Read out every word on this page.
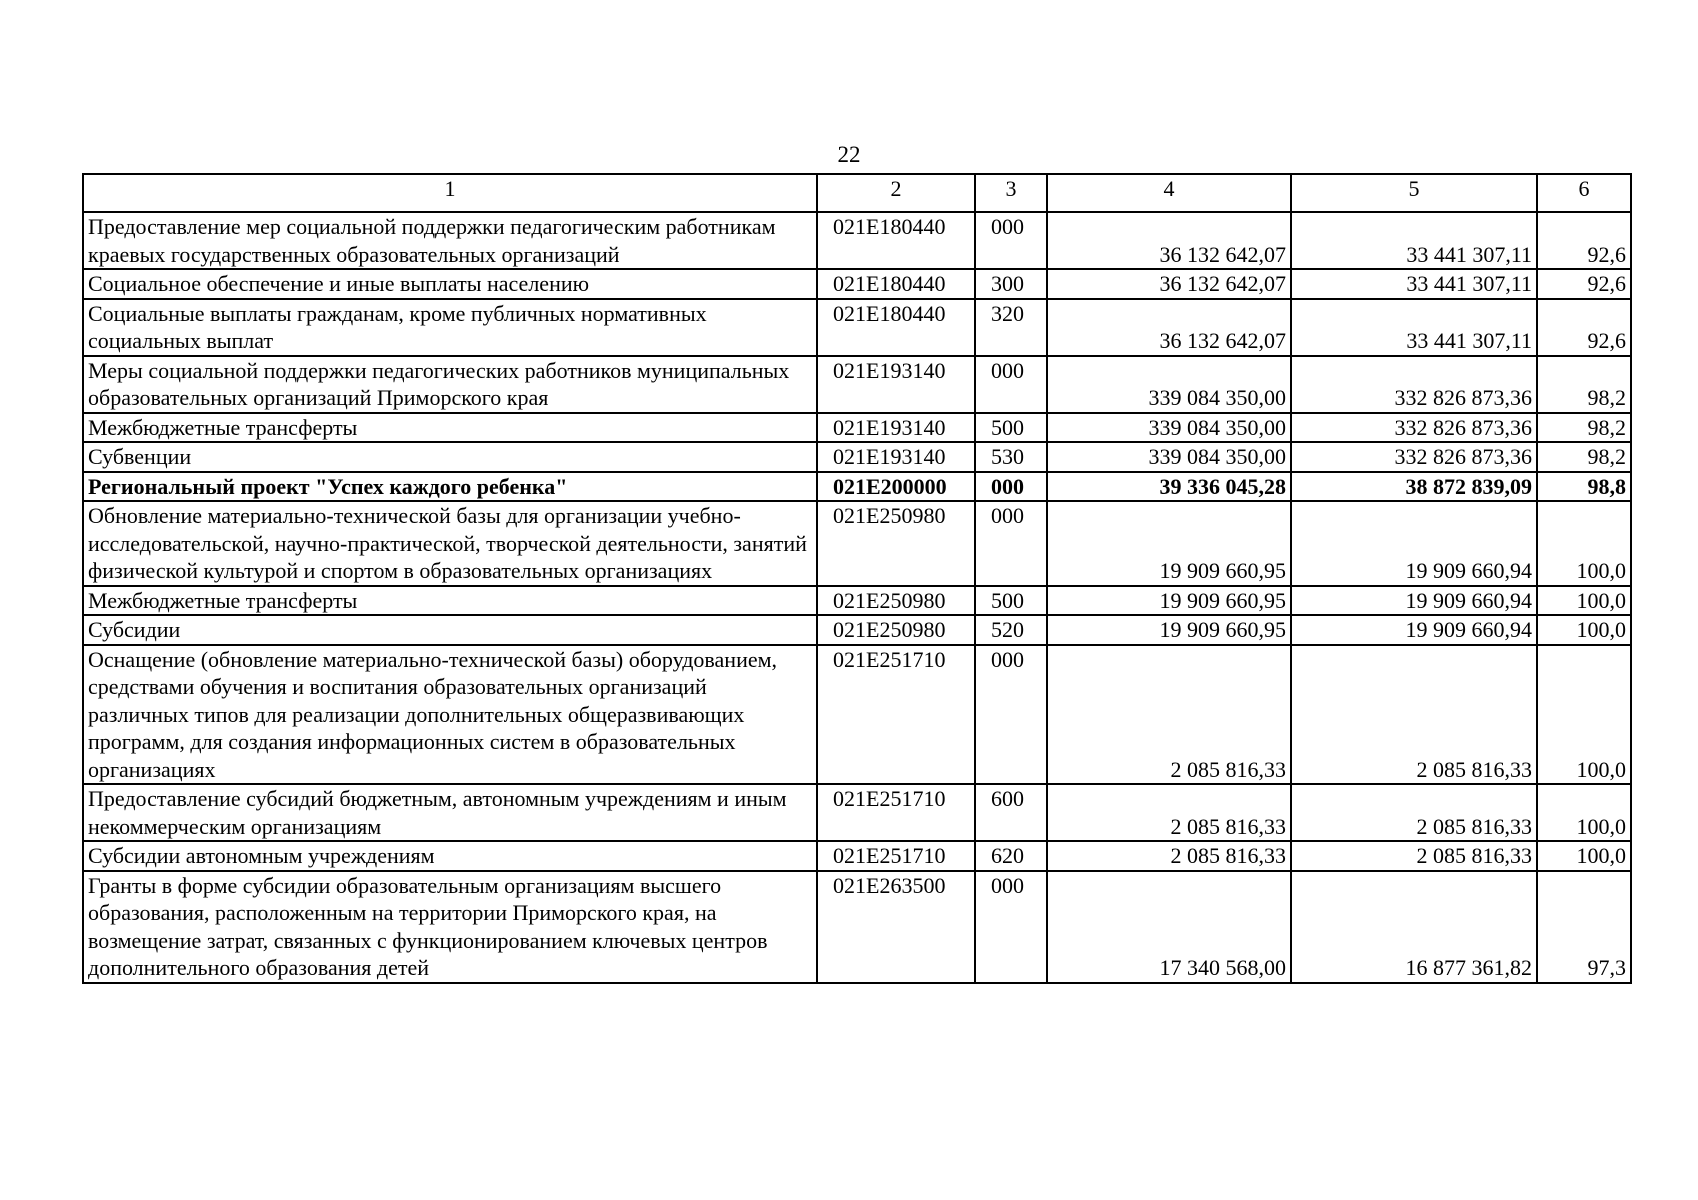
22
1	2	3	4	5	6
Предоставление мер социальной поддержки педагогическим работникам краевых государственных образовательных организаций	021E180440	000	36 132 642,07	33 441 307,11	92,6
Социальное обеспечение и иные выплаты населению	021E180440	300	36 132 642,07	33 441 307,11	92,6
Социальные выплаты гражданам, кроме публичных нормативных социальных выплат	021E180440	320	36 132 642,07	33 441 307,11	92,6
Меры социальной поддержки педагогических работников муниципальных образовательных организаций Приморского края	021E193140	000	339 084 350,00	332 826 873,36	98,2
Межбюджетные трансферты	021E193140	500	339 084 350,00	332 826 873,36	98,2
Субвенции	021E193140	530	339 084 350,00	332 826 873,36	98,2
Региональный проект "Успех каждого ребенка"	021E200000	000	39 336 045,28	38 872 839,09	98,8
Обновление материально-технической базы для организации учебно-исследовательской, научно-практической, творческой деятельности, занятий физической культурой и спортом в образовательных организациях	021E250980	000	19 909 660,95	19 909 660,94	100,0
Межбюджетные трансферты	021E250980	500	19 909 660,95	19 909 660,94	100,0
Субсидии	021E250980	520	19 909 660,95	19 909 660,94	100,0
Оснащение (обновление материально-технической базы) оборудованием, средствами обучения и воспитания образовательных организаций различных типов для реализации дополнительных общеразвивающих программ, для создания информационных систем в образовательных организациях	021E251710	000	2 085 816,33	2 085 816,33	100,0
Предоставление субсидий бюджетным, автономным учреждениям и иным некоммерческим организациям	021E251710	600	2 085 816,33	2 085 816,33	100,0
Субсидии автономным учреждениям	021E251710	620	2 085 816,33	2 085 816,33	100,0
Гранты в форме субсидии образовательным организациям высшего образования, расположенным на территории Приморского края, на возмещение затрат, связанных с функционированием ключевых центров дополнительного образования детей	021E263500	000	17 340 568,00	16 877 361,82	97,3
